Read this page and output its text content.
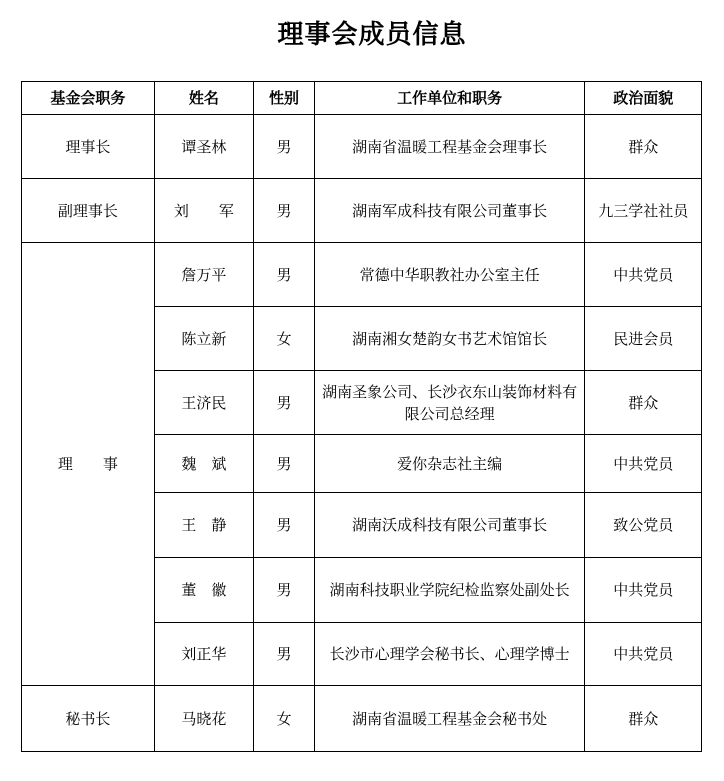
理事会成员信息
基金会职务	姓名	性别	工作单位和职务	政治面貌
理事长	谭圣林	男	湖南省温暖工程基金会理事长	群众
副理事长	刘　　军	男	湖南军成科技有限公司董事长	九三学社社员
理　　事	詹万平	男	常德中华职教社办公室主任	中共党员
	陈立新	女	湖南湘女楚韵女书艺术馆馆长	民进会员
	王济民	男	湖南圣象公司、长沙衣东山装饰材料有限公司总经理	群众
	魏　斌	男	爱你杂志社主编	中共党员
	王　静	男	湖南沃成科技有限公司董事长	致公党员
	董　徽	男	湖南科技职业学院纪检监察处副处长	中共党员
	刘正华	男	长沙市心理学会秘书长、心理学博士	中共党员
秘书长	马晓花	女	湖南省温暖工程基金会秘书处	群众
